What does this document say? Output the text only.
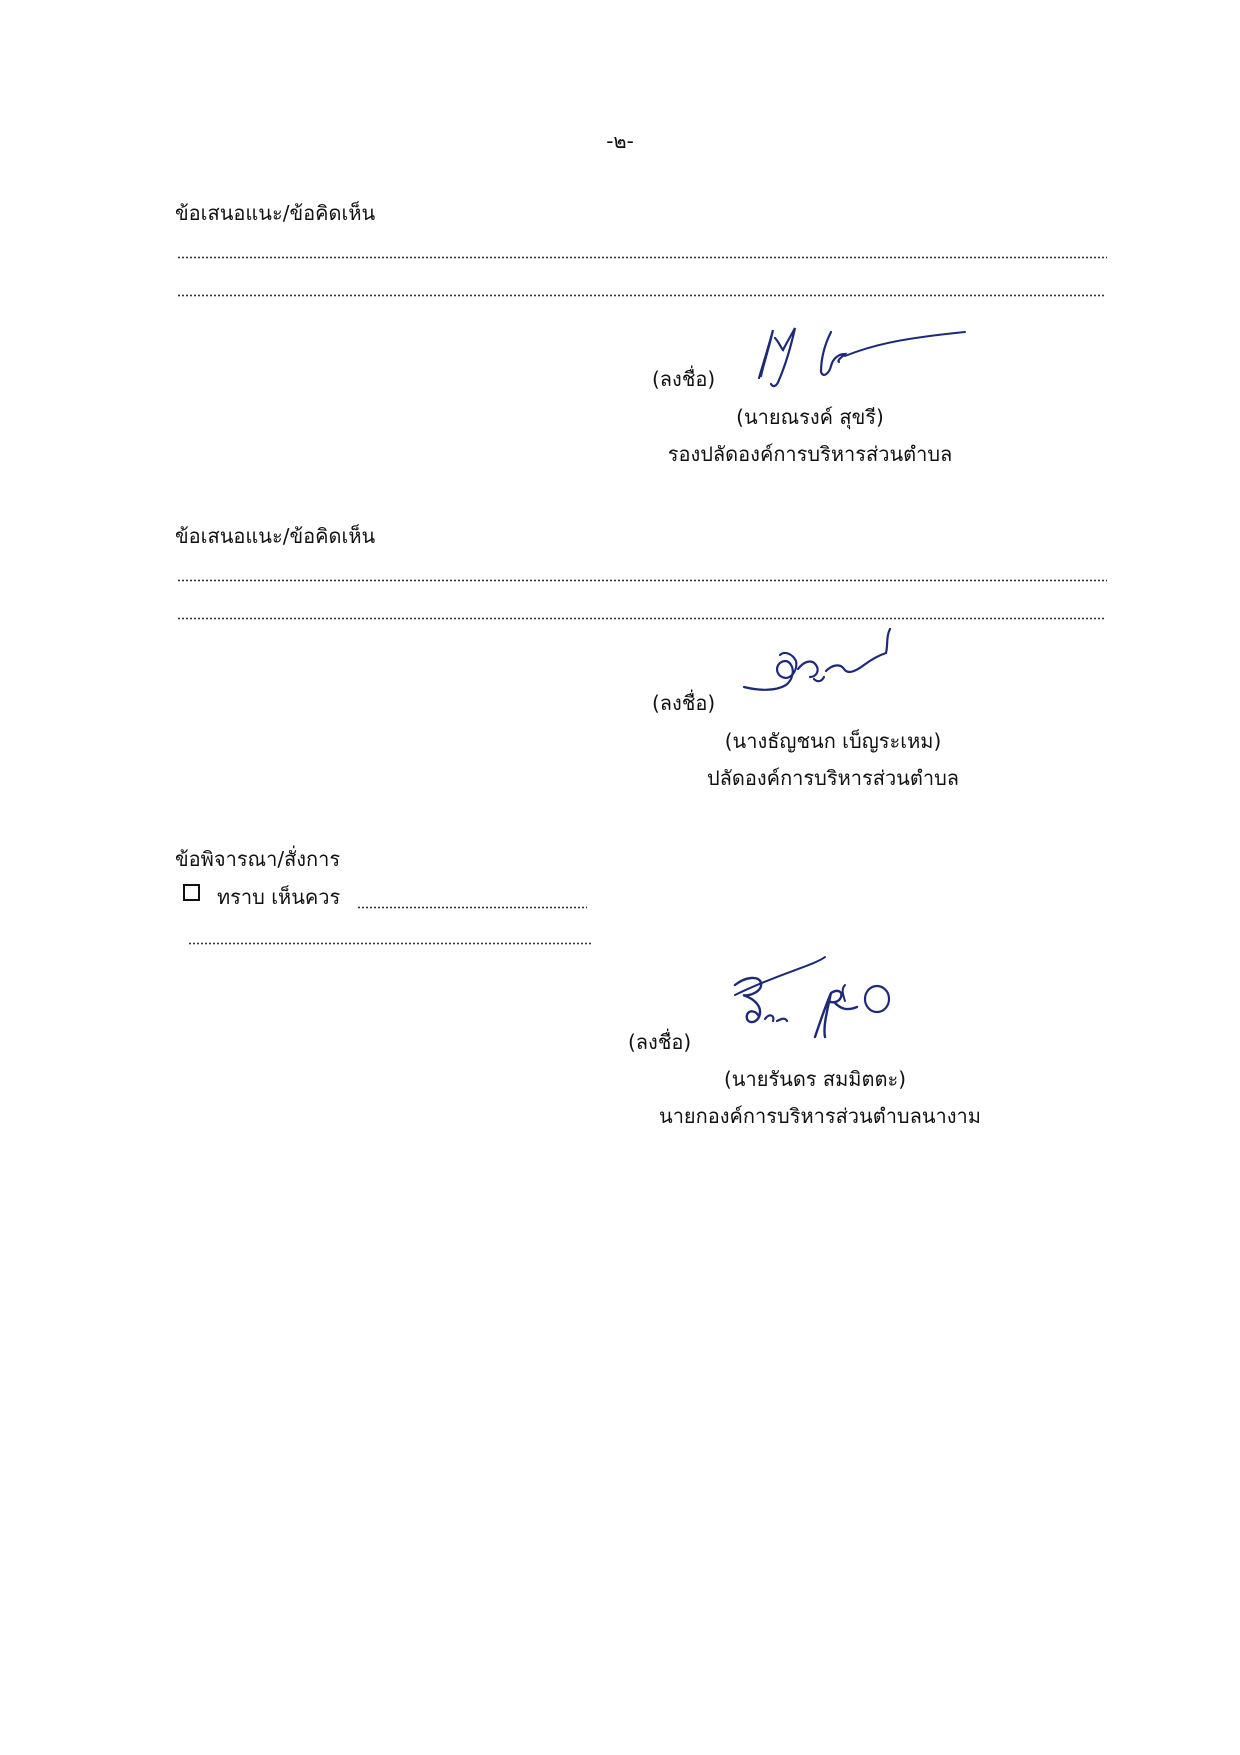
-๒-
ข้อเสนอแนะ/ข้อคิดเห็น
(ลงชื่อ)
(นายณรงค์ สุขรี)
รองปลัดองค์การบริหารส่วนตำบล
ข้อเสนอแนะ/ข้อคิดเห็น
(ลงชื่อ)
(นางธัญชนก เบ็ญระเหม)
ปลัดองค์การบริหารส่วนตำบล
ข้อพิจารณา/สั่งการ
ทราบ เห็นควร
(ลงชื่อ)
(นายรันดร สมมิตตะ)
นายกองค์การบริหารส่วนตำบลนางาม
